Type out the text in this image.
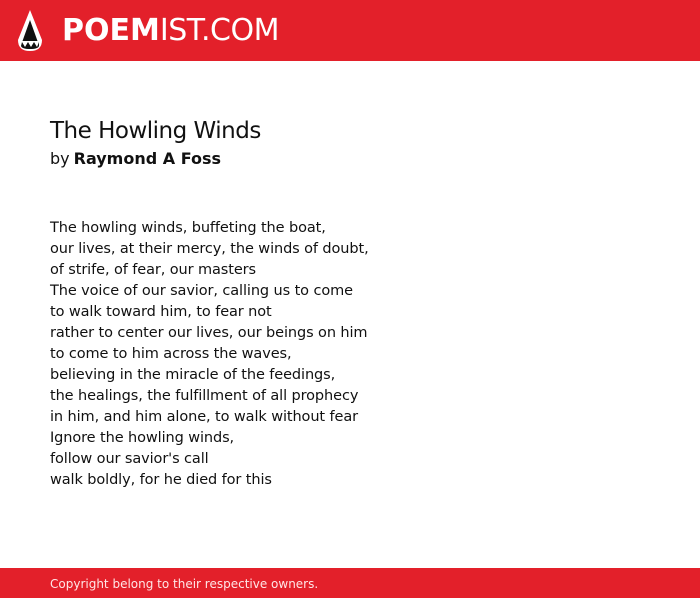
POEMIST.COM
The Howling Winds
by Raymond A Foss
The howling winds, buffeting the boat,
our lives, at their mercy, the winds of doubt,
of strife, of fear, our masters
The voice of our savior, calling us to come
to walk toward him, to fear not
rather to center our lives, our beings on him
to come to him across the waves,
believing in the miracle of the feedings,
the healings, the fulfillment of all prophecy
in him, and him alone, to walk without fear
Ignore the howling winds,
follow our savior's call
walk boldly, for he died for this
Copyright belong to their respective owners.
